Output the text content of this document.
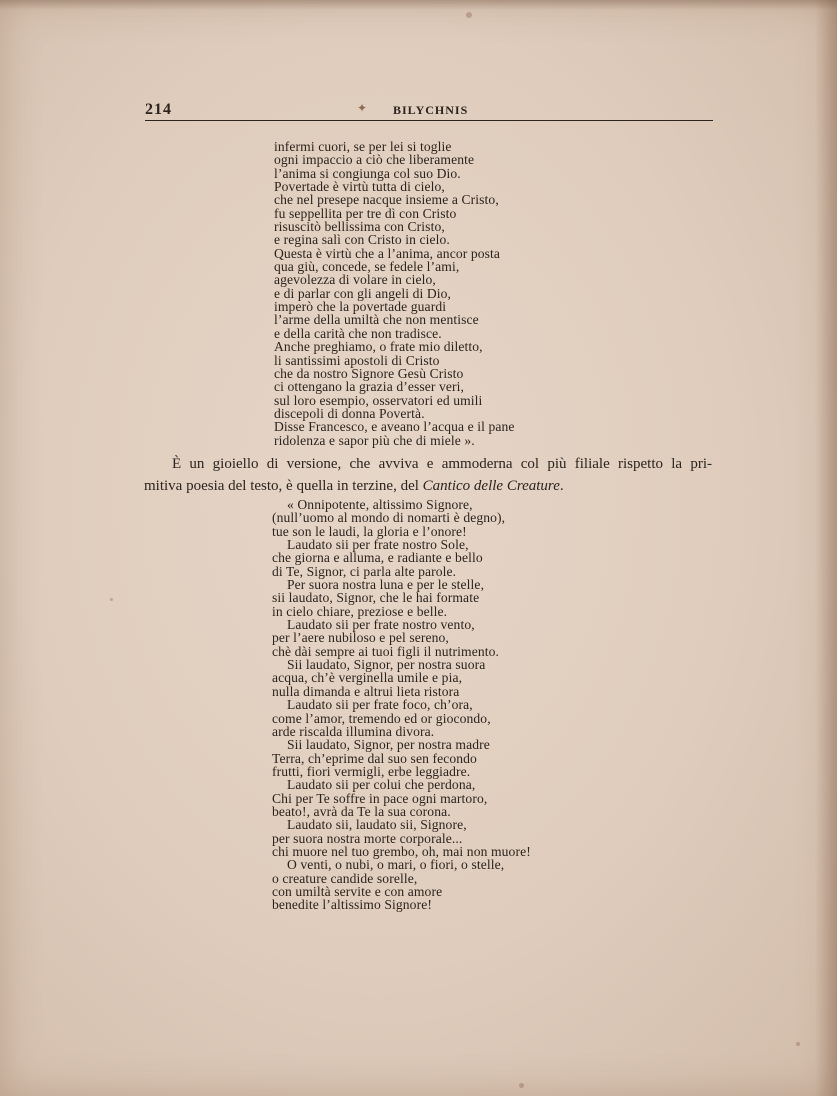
214	✦ BILYCHNIS
infermi cuori, se per lei si toglie
ogni impaccio a ciò che liberamente
l’anima si congiunga col suo Dio.
Povertade è virtù tutta di cielo,
che nel presepe nacque insieme a Cristo,
fu seppellita per tre dì con Cristo
risuscitò bellissima con Cristo,
e regina salì con Cristo in cielo.
Questa è virtù che a l’anima, ancor posta
qua giù, concede, se fedele l’ami,
agevolezza di volare in cielo,
e di parlar con gli angeli di Dio,
imperò che la povertade guardi
l’arme della umiltà che non mentisce
e della carità che non tradisce.
Anche preghiamo, o frate mio diletto,
li santissimi apostoli di Cristo
che da nostro Signore Gesù Cristo
ci ottengano la grazia d’esser veri,
sul loro esempio, osservatori ed umili
discepoli di donna Povertà.
Disse Francesco, e aveano l’acqua e il pane
ridolenza e sapor più che di miele ».
È un gioiello di versione, che avviva e ammoderna col più filiale rispetto la pri-
mitiva poesia del testo, è quella in terzine, del Cantico delle Creature.
« Onnipotente, altissimo Signore,
(null’uomo al mondo di nomarti è degno),
tue son le laudi, la gloria e l’onore!
Laudato sii per frate nostro Sole,
che giorna e alluma, e radiante e bello
di Te, Signor, ci parla alte parole.
Per suora nostra luna e per le stelle,
sii laudato, Signor, che le hai formate
in cielo chiare, preziose e belle.
Laudato sii per frate nostro vento,
per l’aere nubiloso e pel sereno,
chè dài sempre ai tuoi figli il nutrimento.
Sii laudato, Signor, per nostra suora
acqua, ch’è verginella umile e pia,
nulla dimanda e altrui lieta ristora
Laudato sii per frate foco, ch’ora,
come l’amor, tremendo ed or giocondo,
arde riscalda illumina divora.
Sii laudato, Signor, per nostra madre
Terra, ch’eprime dal suo sen fecondo
frutti, fiori vermigli, erbe leggiadre.
Laudato sii per colui che perdona,
Chi per Te soffre in pace ogni martoro,
beato!, avrà da Te la sua corona.
Laudato sii, laudato sii, Signore,
per suora nostra morte corporale...
chi muore nel tuo grembo, oh, mai non muore!
O venti, o nubi, o mari, o fiori, o stelle,
o creature candide sorelle,
con umiltà servite e con amore
benedite l’altissimo Signore!
